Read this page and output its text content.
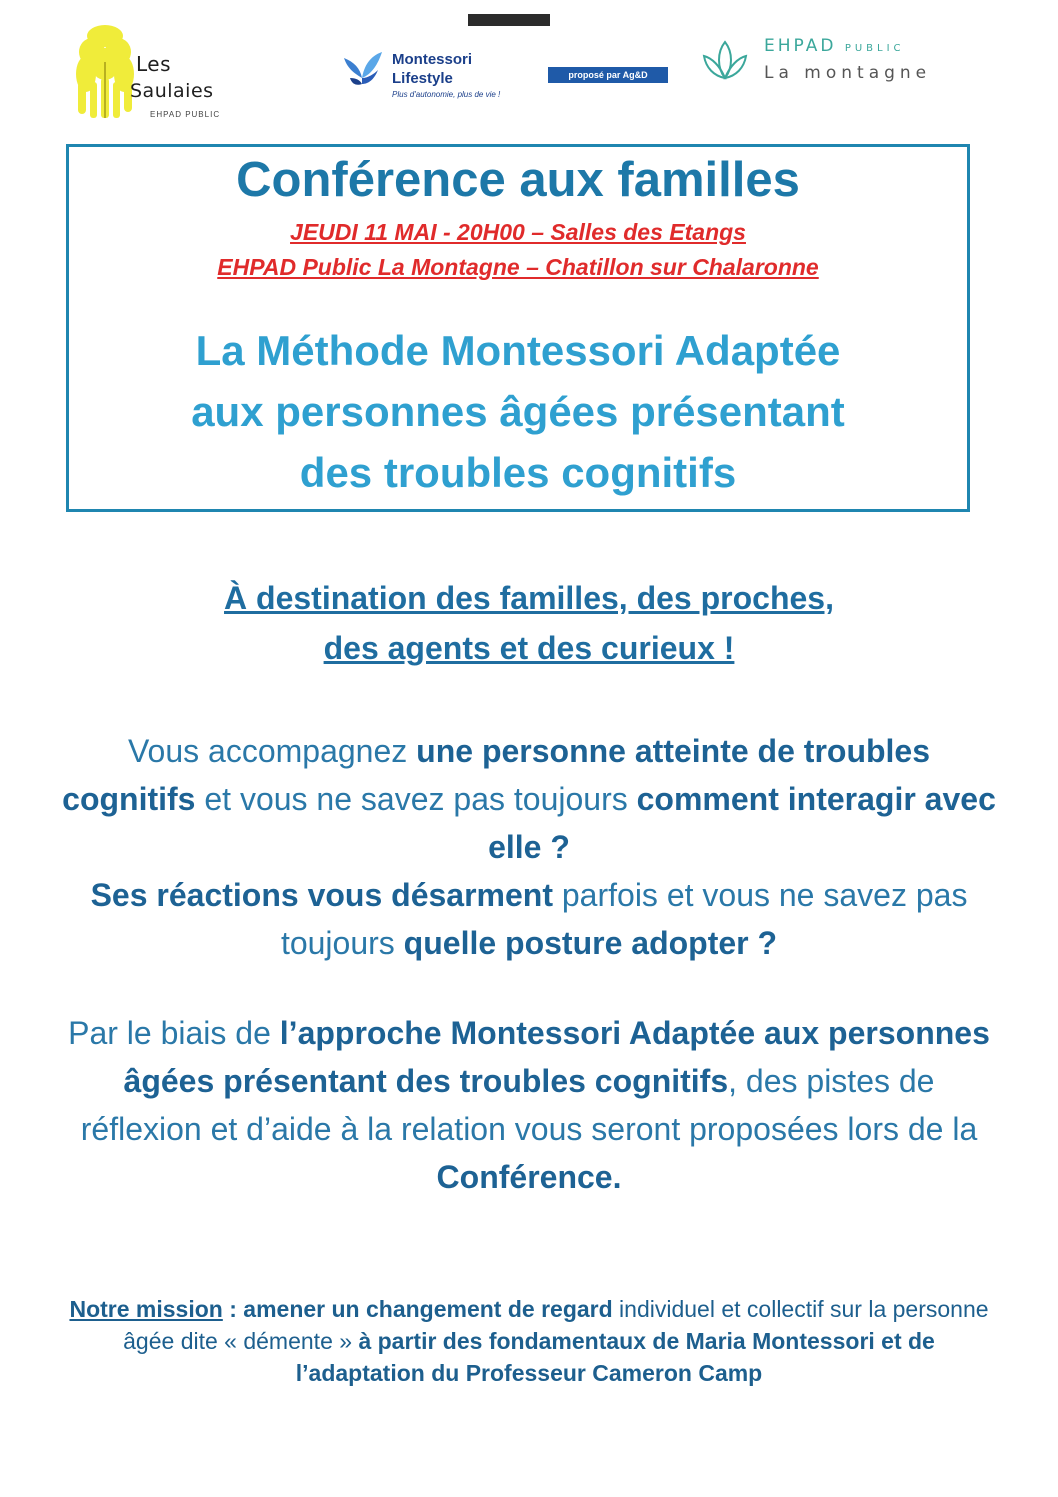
Les
Saulaies
EHPAD PUBLIC
Montessori
Lifestyle
Plus d'autonomie, plus de vie !
proposé par Ag&D
EHPAD PUBLIC
La montagne
Conférence aux familles
JEUDI 11 MAI - 20H00 – Salles des Etangs
EHPAD Public La Montagne – Chatillon sur Chalaronne
La Méthode Montessori Adaptée
aux personnes âgées présentant
des troubles cognitifs
À destination des familles, des proches,
des agents et des curieux !
Vous accompagnez une personne atteinte de troubles cognitifs et vous ne savez pas toujours comment interagir avec elle ?
Ses réactions vous désarment parfois et vous ne savez pas toujours quelle posture adopter ?
Par le biais de l’approche Montessori Adaptée aux personnes âgées présentant des troubles cognitifs, des pistes de réflexion et d’aide à la relation vous seront proposées lors de la Conférence.
Notre mission : amener un changement de regard individuel et collectif sur la personne âgée dite « démente » à partir des fondamentaux de Maria Montessori et de l’adaptation du Professeur Cameron Camp
